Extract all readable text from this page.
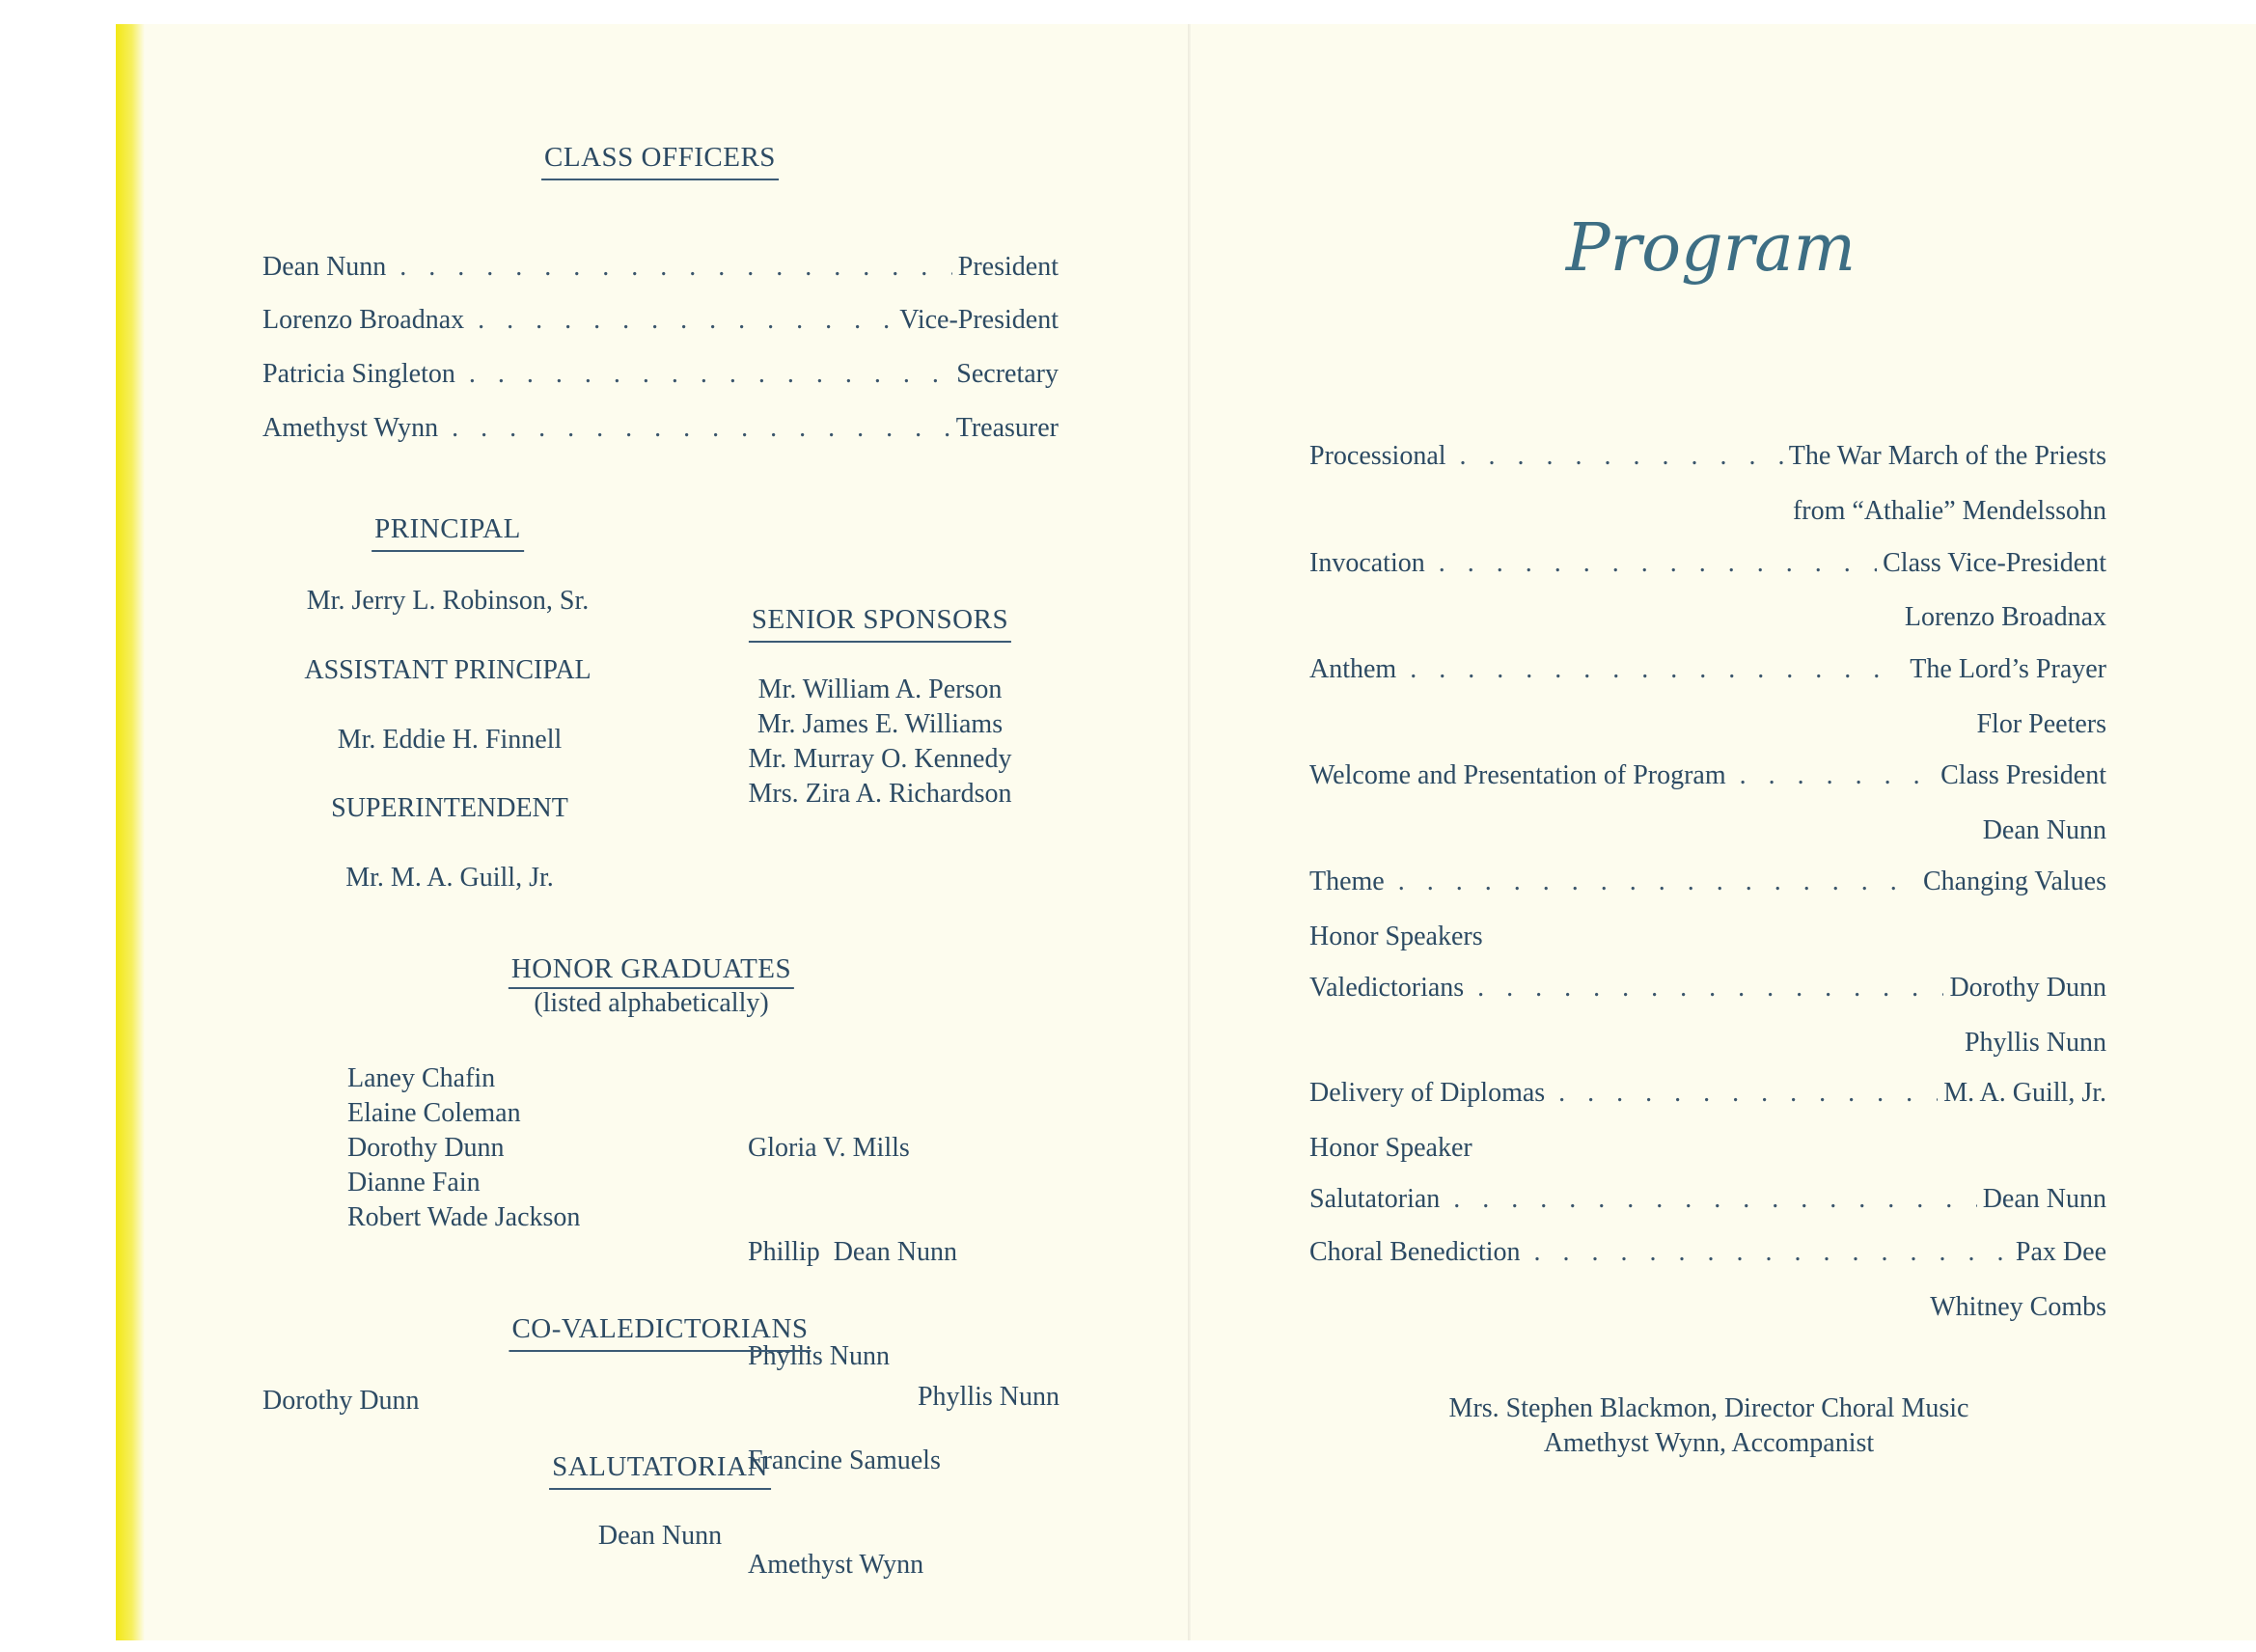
CLASS OFFICERS
Dean Nunn . . .	President
Lorenzo Broadnax . . .	Vice-President
Patricia Singleton . . .	Secretary
Amethyst Wynn . . .	Treasurer
PRINCIPAL
Mr. Jerry L. Robinson, Sr.
ASSISTANT PRINCIPAL
Mr. Eddie H. Finnell
SUPERINTENDENT
Mr. M. A. Guill, Jr.
SENIOR SPONSORS
Mr. William A. Person
Mr. James E. Williams
Mr. Murray O. Kennedy
Mrs. Zira A. Richardson
HONOR GRADUATES
(listed alphabetically)
Laney Chafin
Elaine Coleman
Dorothy Dunn
Dianne Fain
Robert Wade Jackson

Gloria V. Mills

Phillip  Dean Nunn

Phyllis Nunn

Francine Samuels

Amethyst Wynn

CO-VALEDICTORIANS
Dorothy Dunn	Phyllis Nunn
SALUTATORIAN
Dean Nunn
Program
Processional . . .	The War March of the Priests
from “Athalie” Mendelssohn
Invocation . . .	Class Vice-President
Lorenzo Broadnax
Anthem . . .	The Lord’s Prayer
Flor Peeters
Welcome and Presentation of Program . . .	Class President
Dean Nunn
Theme . . .	Changing Values
Honor Speakers
Valedictorians . . .	Dorothy Dunn
Phyllis Nunn
Delivery of Diplomas . . .	M. A. Guill, Jr.
Honor Speaker
Salutatorian . . .	Dean Nunn
Choral Benediction . . .	Pax Dee
Whitney Combs
Mrs. Stephen Blackmon, Director Choral Music
Amethyst Wynn, Accompanist
